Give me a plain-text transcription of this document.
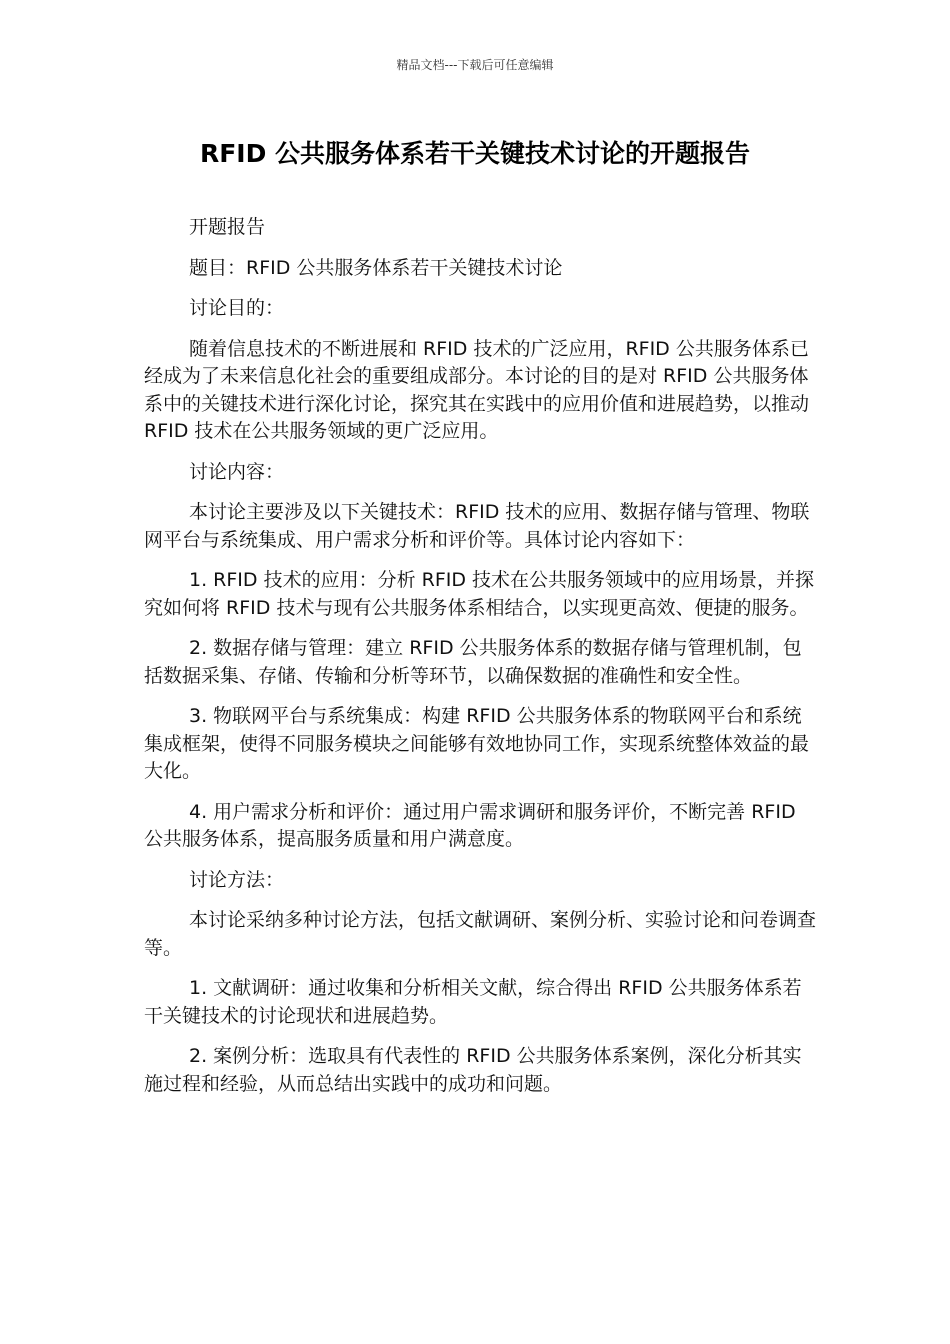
精品文档---下载后可任意编辑
RFID 公共服务体系若干关键技术讨论的开题报告

开题报告

题目：RFID 公共服务体系若干关键技术讨论

讨论目的：

随着信息技术的不断进展和 RFID 技术的广泛应用，RFID 公共服务体系已经成为了未来信息化社会的重要组成部分。本讨论的目的是对 RFID 公共服务体系中的关键技术进行深化讨论，探究其在实践中的应用价值和进展趋势，以推动 RFID 技术在公共服务领域的更广泛应用。

讨论内容：

本讨论主要涉及以下关键技术：RFID 技术的应用、数据存储与管理、物联网平台与系统集成、用户需求分析和评价等。具体讨论内容如下：

1. RFID 技术的应用：分析 RFID 技术在公共服务领域中的应用场景，并探究如何将 RFID 技术与现有公共服务体系相结合，以实现更高效、便捷的服务。

2. 数据存储与管理：建立 RFID 公共服务体系的数据存储与管理机制，包括数据采集、存储、传输和分析等环节，以确保数据的准确性和安全性。

3. 物联网平台与系统集成：构建 RFID 公共服务体系的物联网平台和系统集成框架，使得不同服务模块之间能够有效地协同工作，实现系统整体效益的最大化。

4. 用户需求分析和评价：通过用户需求调研和服务评价，不断完善 RFID 公共服务体系，提高服务质量和用户满意度。

讨论方法：

本讨论采纳多种讨论方法，包括文献调研、案例分析、实验讨论和问卷调查等。

1. 文献调研：通过收集和分析相关文献，综合得出 RFID 公共服务体系若干关键技术的讨论现状和进展趋势。

2. 案例分析：选取具有代表性的 RFID 公共服务体系案例，深化分析其实施过程和经验，从而总结出实践中的成功和问题。
